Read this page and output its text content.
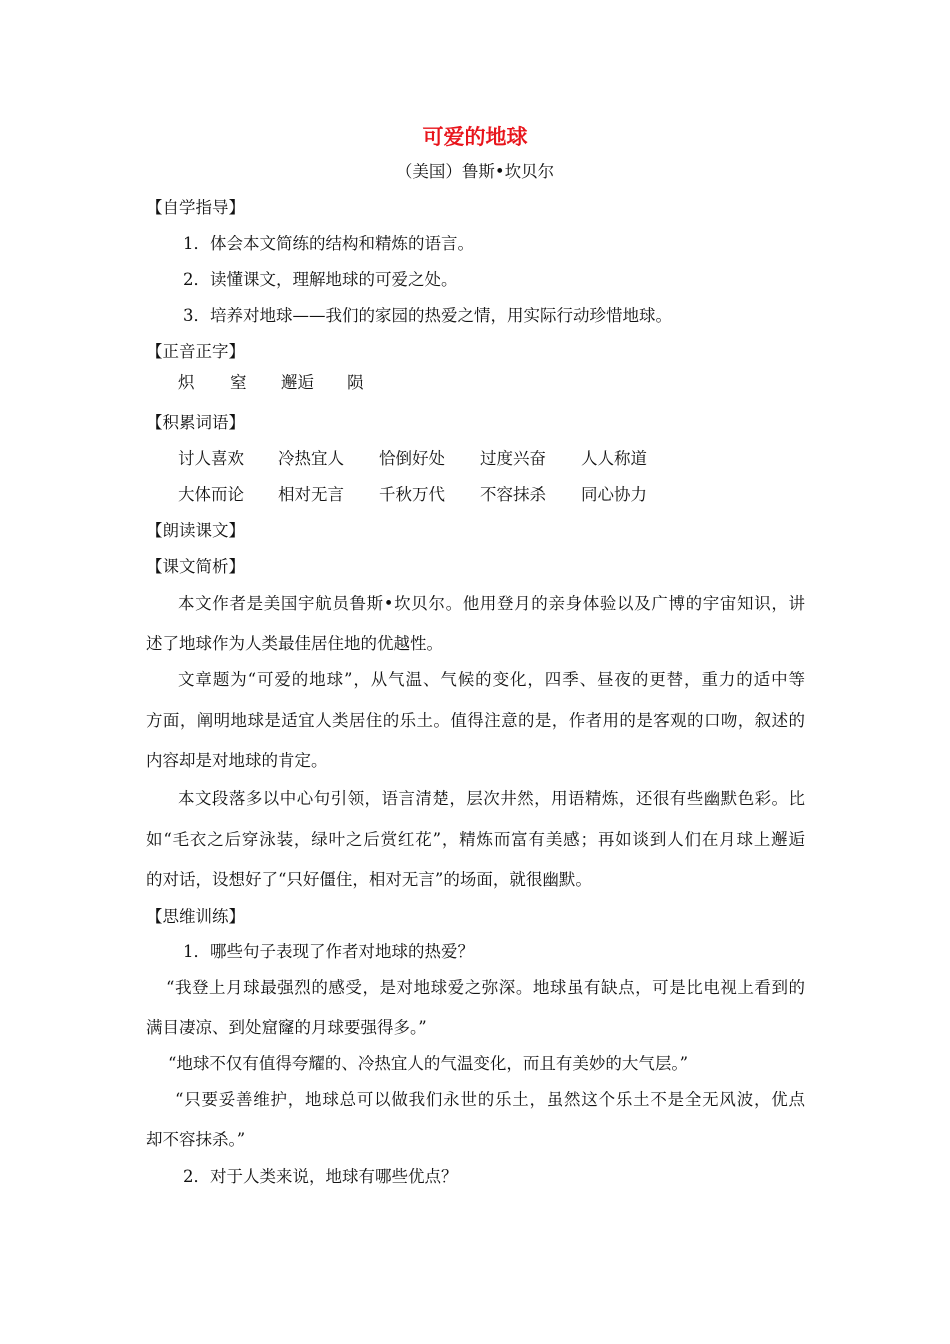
可爱的地球
（美国）鲁斯•坎贝尔
【自学指导】
1．体会本文简练的结构和精炼的语言。
2．读懂课文，理解地球的可爱之处。
3．培养对地球——我们的家园的热爱之情，用实际行动珍惜地球。
【正音正字】
炽 窒 邂逅 陨
【积累词语】
讨人喜欢 冷热宜人 恰倒好处 过度兴奋 人人称道
大体而论 相对无言 千秋万代 不容抹杀 同心协力
【朗读课文】
【课文简析】
本文作者是美国宇航员鲁斯•坎贝尔。他用登月的亲身体验以及广博的宇宙知识，讲
述了地球作为人类最佳居住地的优越性。
文章题为“可爱的地球”，从气温、气候的变化，四季、昼夜的更替，重力的适中等
方面，阐明地球是适宜人类居住的乐土。值得注意的是，作者用的是客观的口吻，叙述的
内容却是对地球的肯定。
本文段落多以中心句引领，语言清楚，层次井然，用语精炼，还很有些幽默色彩。比
如“毛衣之后穿泳装，绿叶之后赏红花”，精炼而富有美感；再如谈到人们在月球上邂逅
的对话，设想好了“只好僵住，相对无言”的场面，就很幽默。
【思维训练】
1．哪些句子表现了作者对地球的热爱？
“我登上月球最强烈的感受，是对地球爱之弥深。地球虽有缺点，可是比电视上看到的
满目凄凉、到处窟窿的月球要强得多。”
“地球不仅有值得夸耀的、冷热宜人的气温变化，而且有美妙的大气层。”
“只要妥善维护，地球总可以做我们永世的乐土，虽然这个乐土不是全无风波，优点
却不容抹杀。”
2．对于人类来说，地球有哪些优点？
